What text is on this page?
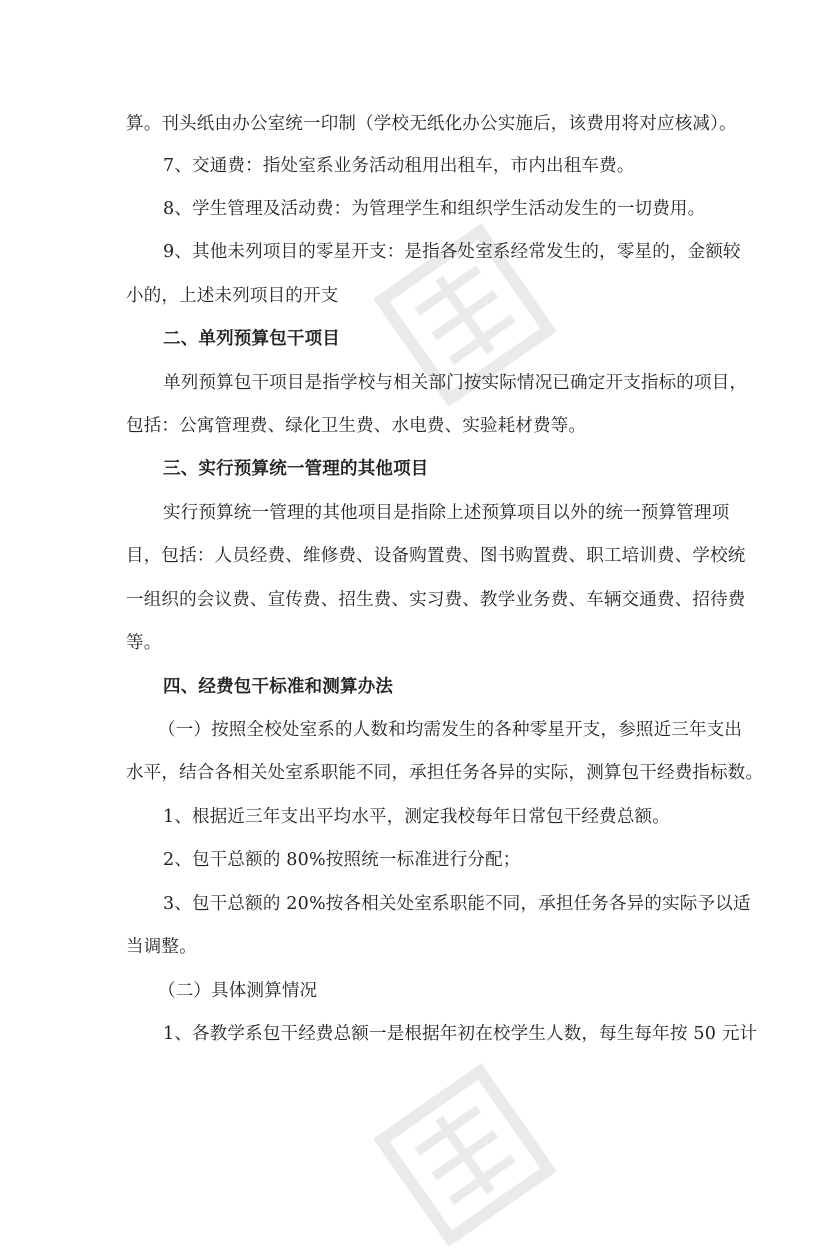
算。刊头纸由办公室统一印制（学校无纸化办公实施后，该费用将对应核减）。
7、交通费：指处室系业务活动租用出租车，市内出租车费。
8、学生管理及活动费：为管理学生和组织学生活动发生的一切费用。
9、其他未列项目的零星开支：是指各处室系经常发生的，零星的，金额较
小的，上述未列项目的开支
二、单列预算包干项目
单列预算包干项目是指学校与相关部门按实际情况已确定开支指标的项目，
包括：公寓管理费、绿化卫生费、水电费、实验耗材费等。
三、实行预算统一管理的其他项目
实行预算统一管理的其他项目是指除上述预算项目以外的统一预算管理项
目，包括：人员经费、维修费、设备购置费、图书购置费、职工培训费、学校统
一组织的会议费、宣传费、招生费、实习费、教学业务费、车辆交通费、招待费
等。
四、经费包干标准和测算办法
（一）按照全校处室系的人数和均需发生的各种零星开支，参照近三年支出
水平，结合各相关处室系职能不同，承担任务各异的实际，测算包干经费指标数。
1、根据近三年支出平均水平，测定我校每年日常包干经费总额。
2、包干总额的 80%按照统一标准进行分配；
3、包干总额的 20%按各相关处室系职能不同，承担任务各异的实际予以适
当调整。
（二）具体测算情况
1、各教学系包干经费总额一是根据年初在校学生人数，每生每年按 50 元计
